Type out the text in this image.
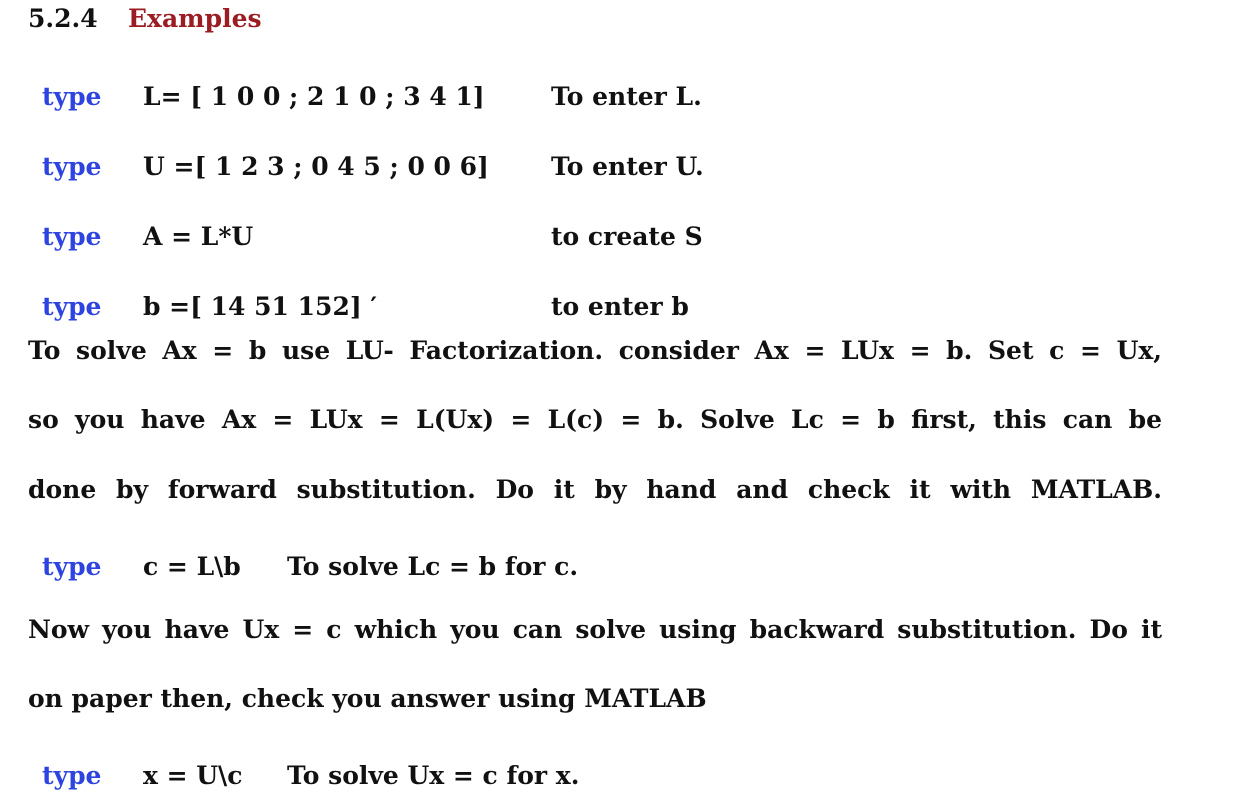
5.2.4 Examples
type L= [ 1 0 0 ; 2 1 0 ; 3 4 1]	To enter L.
type U =[ 1 2 3 ; 0 4 5 ; 0 0 6] To enter U.
type A = L*U	to create S
type b =[ 14 51 152] ′	to enter b
To solve Ax = b use LU- Factorization. consider Ax = LUx = b. Set c = Ux,
so you have Ax = LUx = L(Ux) = L(c) = b. Solve Lc = b first, this can be
done by forward substitution. Do it by hand and check it with MATLAB.
type c = L\b To solve Lc = b for c.
Now you have Ux = c which you can solve using backward substitution. Do it
on paper then, check you answer using MATLAB
type x = U\c To solve Ux = c for x.
